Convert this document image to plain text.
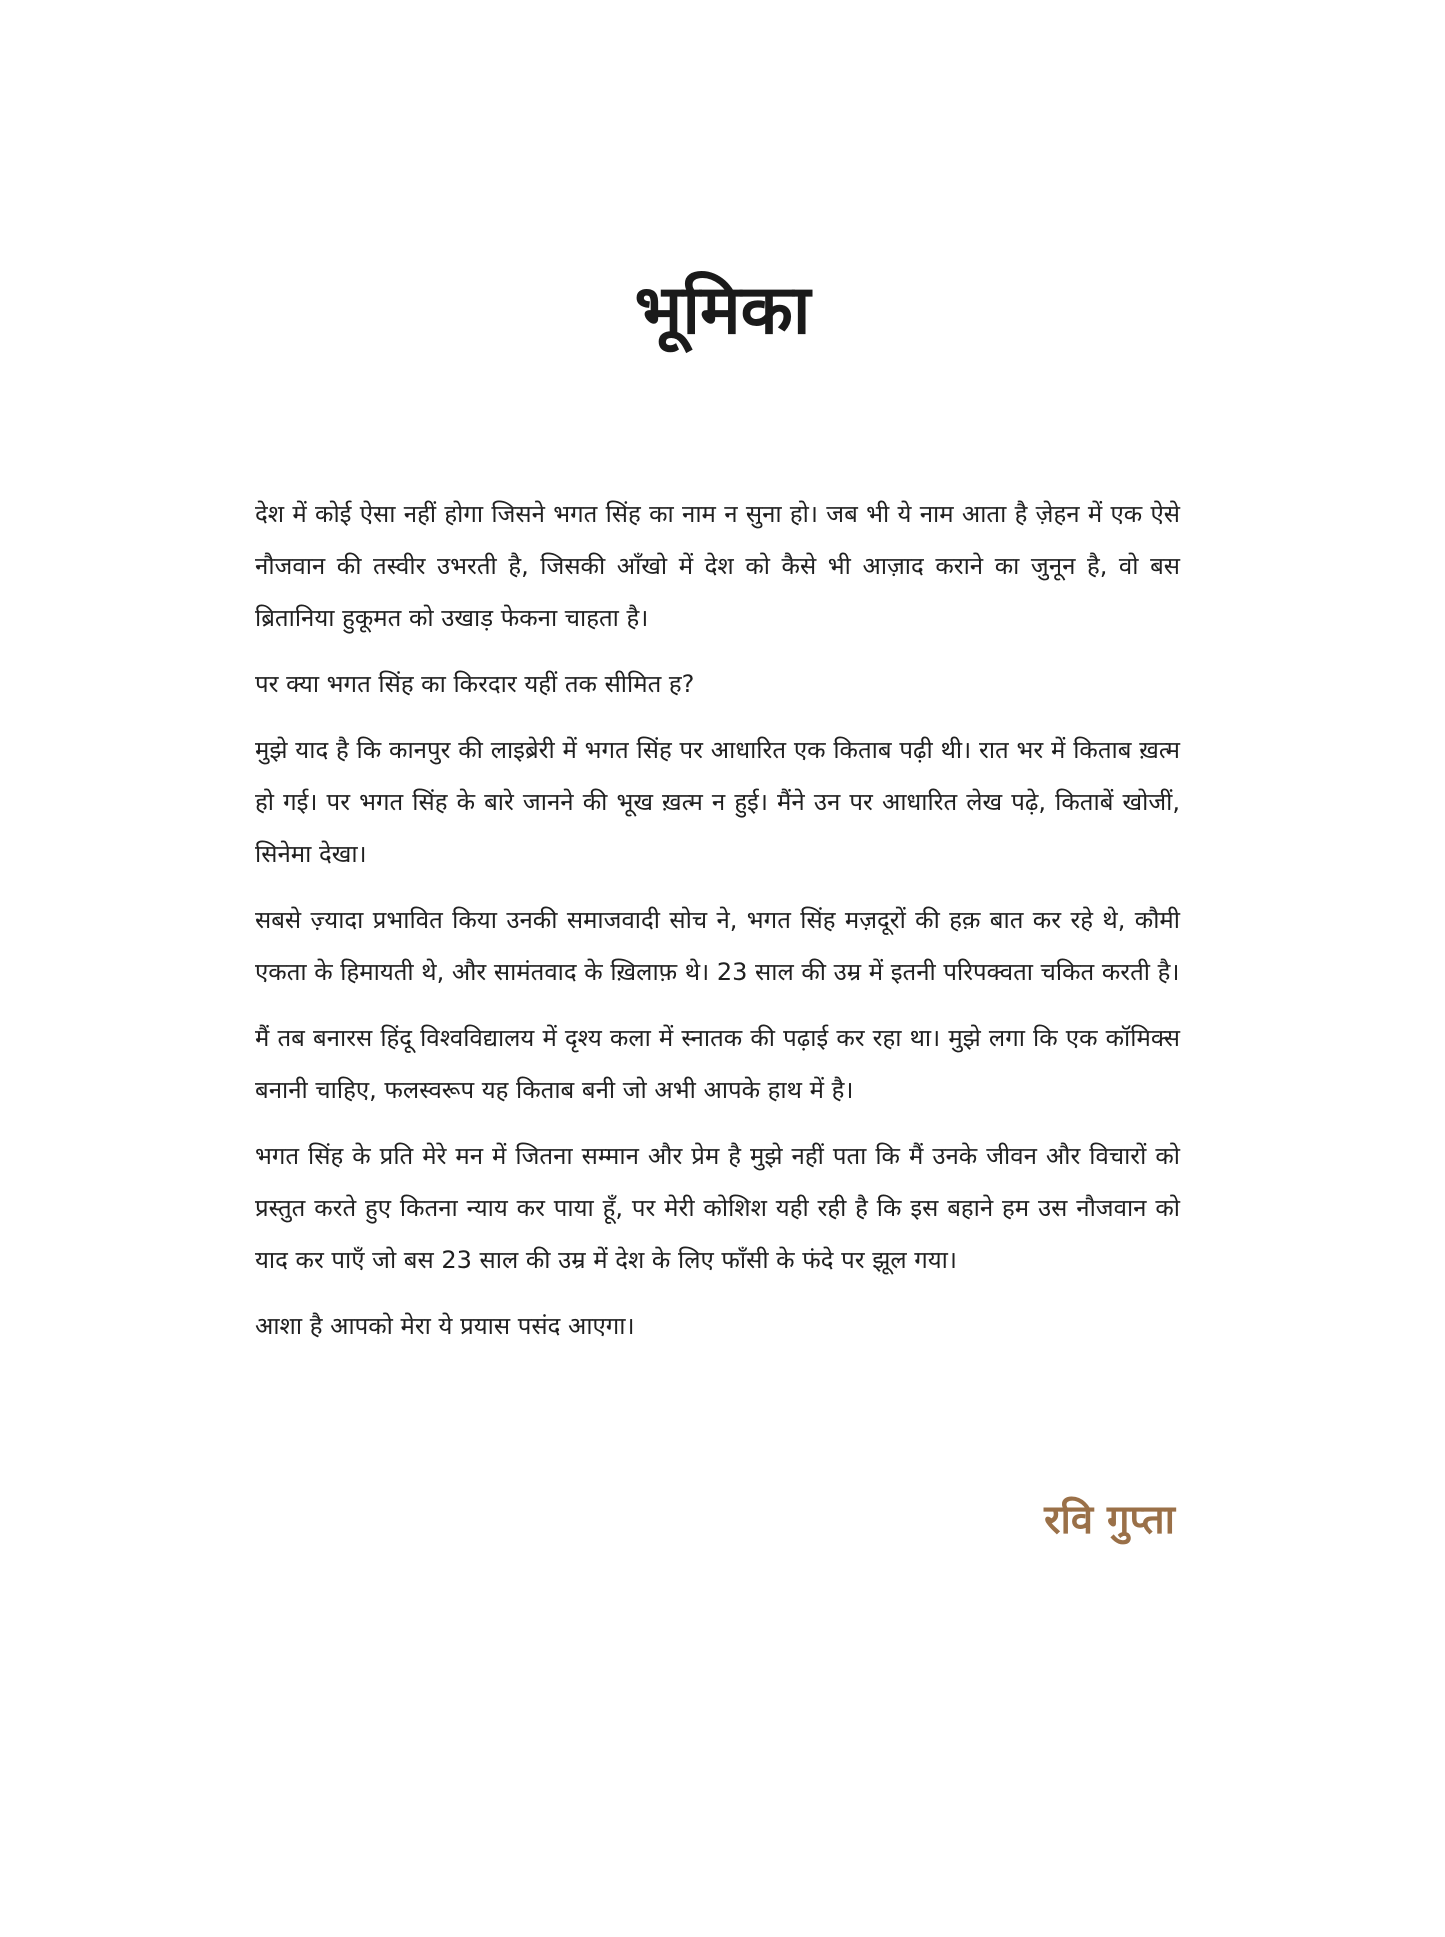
भूमिका

देश में कोई ऐसा नहीं होगा जिसने भगत सिंह का नाम न सुना हो। जब भी ये नाम आता है ज़ेहन में एक ऐसे नौजवान की तस्वीर उभरती है, जिसकी आँखो में देश को कैसे भी आज़ाद कराने का जुनून है, वो बस ब्रितानिया हुकूमत को उखाड़ फेकना चाहता है।

पर क्या भगत सिंह का किरदार यहीं तक सीमित ह?

मुझे याद है कि कानपुर की लाइब्रेरी में भगत सिंह पर आधारित एक किताब पढ़ी थी। रात भर में किताब ख़त्म हो गई। पर भगत सिंह के बारे जानने की भूख ख़त्म न हुई। मैंने उन पर आधारित लेख पढ़े, किताबें खोजीं, सिनेमा देखा।

सबसे ज़्यादा प्रभावित किया उनकी समाजवादी सोच ने, भगत सिंह मज़दूरों की हक़ बात कर रहे थे, कौमी एकता के हिमायती थे, और सामंतवाद के ख़िलाफ़ थे। 23 साल की उम्र में इतनी परिपक्वता चकित करती है।

मैं तब बनारस हिंदू विश्वविद्यालय में दृश्य कला में स्नातक की पढ़ाई कर रहा था। मुझे लगा कि एक कॉमिक्स बनानी चाहिए, फलस्वरूप यह किताब बनी जो अभी आपके हाथ में है।

भगत सिंह के प्रति मेरे मन में जितना सम्मान और प्रेम है मुझे नहीं पता कि मैं उनके जीवन और विचारों को प्रस्तुत करते हुए कितना न्याय कर पाया हूँ, पर मेरी कोशिश यही रही है कि इस बहाने हम उस नौजवान को याद कर पाएँ जो बस 23 साल की उम्र में देश के लिए फाँसी के फंदे पर झूल गया।

आशा है आपको मेरा ये प्रयास पसंद आएगा।

रवि गुप्ता
